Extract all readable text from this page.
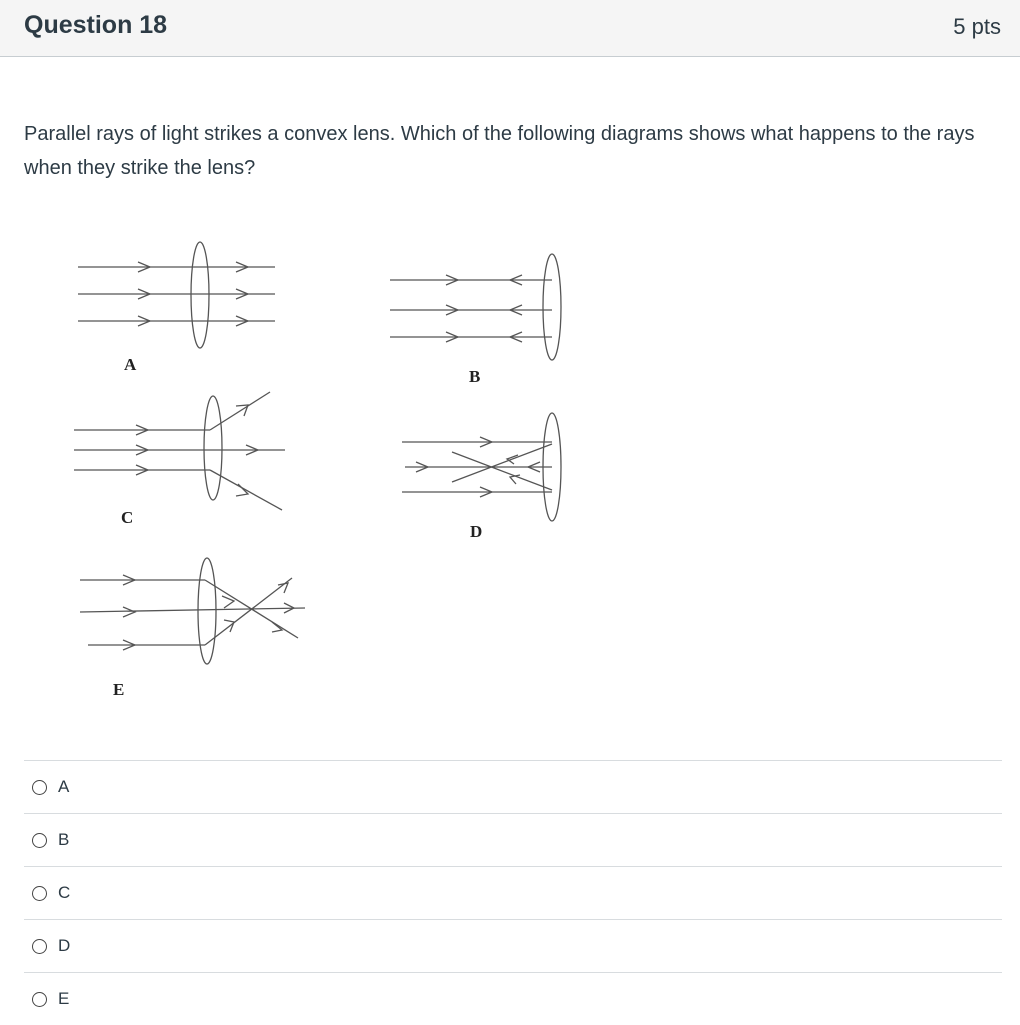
Question 18	5 pts
Parallel rays of light strikes a convex lens. Which of the following diagrams shows what happens to the rays when they strike the lens?
A
B
C
D
E
A
B
C
D
E
